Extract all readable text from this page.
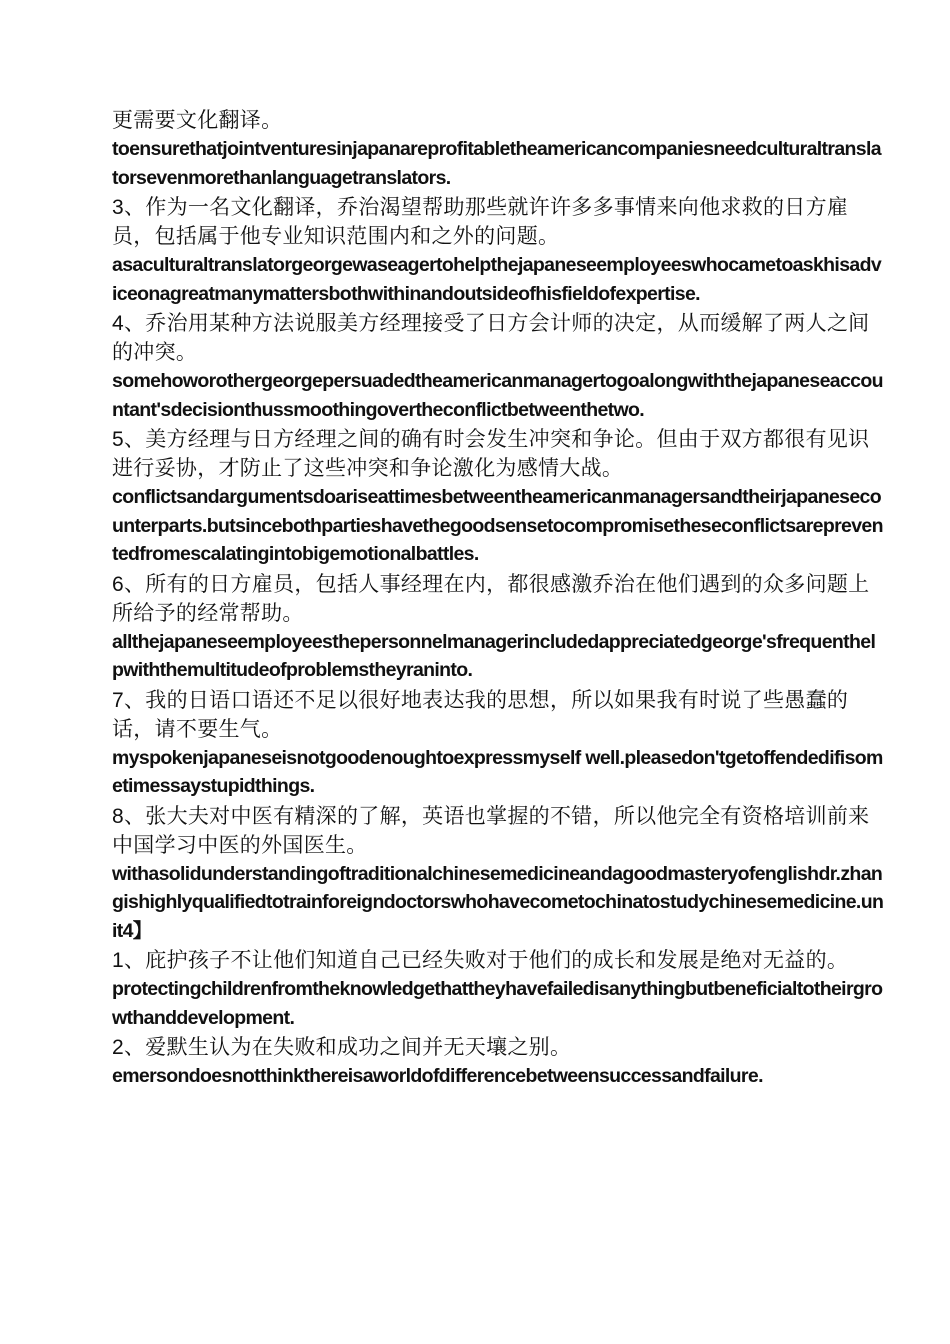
更需要文化翻译。
toensurethatjointventuresinjapanareprofitabletheamericancompaniesneedculturaltranslatorsevenmorethanlanguagetranslators.
3、作为一名文化翻译，乔治渴望帮助那些就许许多多事情来向他求救的日方雇员，包括属于他专业知识范围内和之外的问题。
asaculturaltranslatorgeorgewaseagertohelpthejapaneseemployeeswhocametoaskhisadviceonagreatmanymattersbothwithinandoutsideofhisfieldofexpertise.
4、乔治用某种方法说服美方经理接受了日方会计师的决定，从而缓解了两人之间的冲突。
somehoworothergeorgepersuadedtheamericanmanagertogoalongwiththejapaneseaccountant'sdecisionthussmoothingovertheconflictbetweenthetwo.
5、美方经理与日方经理之间的确有时会发生冲突和争论。但由于双方都很有见识进行妥协，才防止了这些冲突和争论激化为感情大战。
conflictsandargumentsdoariseattimesbetweentheamericanmanagersandtheirjapanesecounterparts.butsincebothpartieshavethegoodsensetocompromisetheseconflictsarepreventedfromescalatingintobigemotionalbattles.
6、所有的日方雇员，包括人事经理在内，都很感激乔治在他们遇到的众多问题上所给予的经常帮助。
allthejapaneseemployeesthepersonnelmanagerincludedappreciatedgeorge'sfrequenthelpwiththemultitudeofproblemstheyraninto.
7、我的日语口语还不足以很好地表达我的思想，所以如果我有时说了些愚蠢的话，请不要生气。
myspokenjapaneseisnotgoodenoughtoexpressmyself well.pleasedon'tgetoffendedifisometimessaystupidthings.
8、张大夫对中医有精深的了解，英语也掌握的不错，所以他完全有资格培训前来中国学习中医的外国医生。
withasolidunderstandingoftraditionalchinesemedicineandagoodmasteryofenglishdr.zhangishighlyqualifiedtotrainforeigndoctorswhohavecometochinatostudychinesemedicine.unit4】
1、庇护孩子不让他们知道自己已经失败对于他们的成长和发展是绝对无益的。
protectingchildrenfromtheknowledgethattheyhavefailedisanythingbutbeneficialtotheirgrowthanddevelopment.
2、爱默生认为在失败和成功之间并无天壤之别。
emersondoesnotthinkthereisaworldofdifferencebetweensuccessandfailure.
